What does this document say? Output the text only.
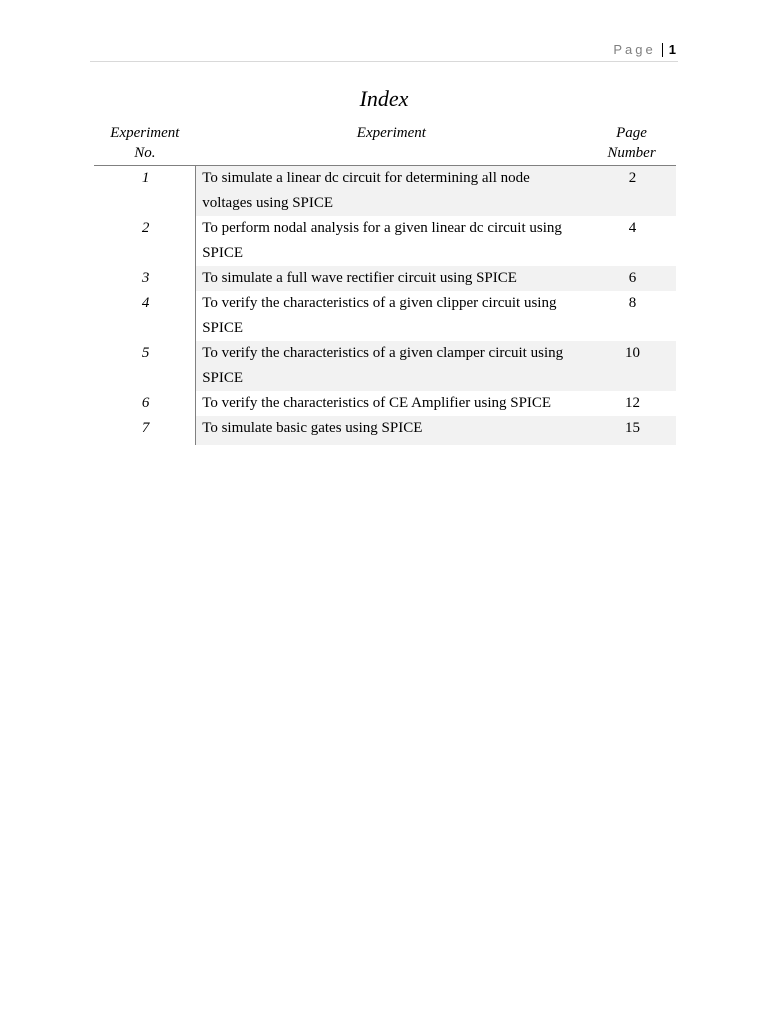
Page 1
Index
Experiment No.	Experiment	Page Number
1	To simulate a linear dc circuit for determining all node voltages using SPICE	2
2	To perform nodal analysis for a given linear dc circuit using SPICE	4
3	To simulate a full wave rectifier circuit using SPICE	6
4	To verify the characteristics of a given clipper circuit using SPICE	8
5	To verify the characteristics of a given clamper circuit using SPICE	10
6	To verify the characteristics of CE Amplifier using SPICE	12
7	To simulate basic gates using SPICE	15
